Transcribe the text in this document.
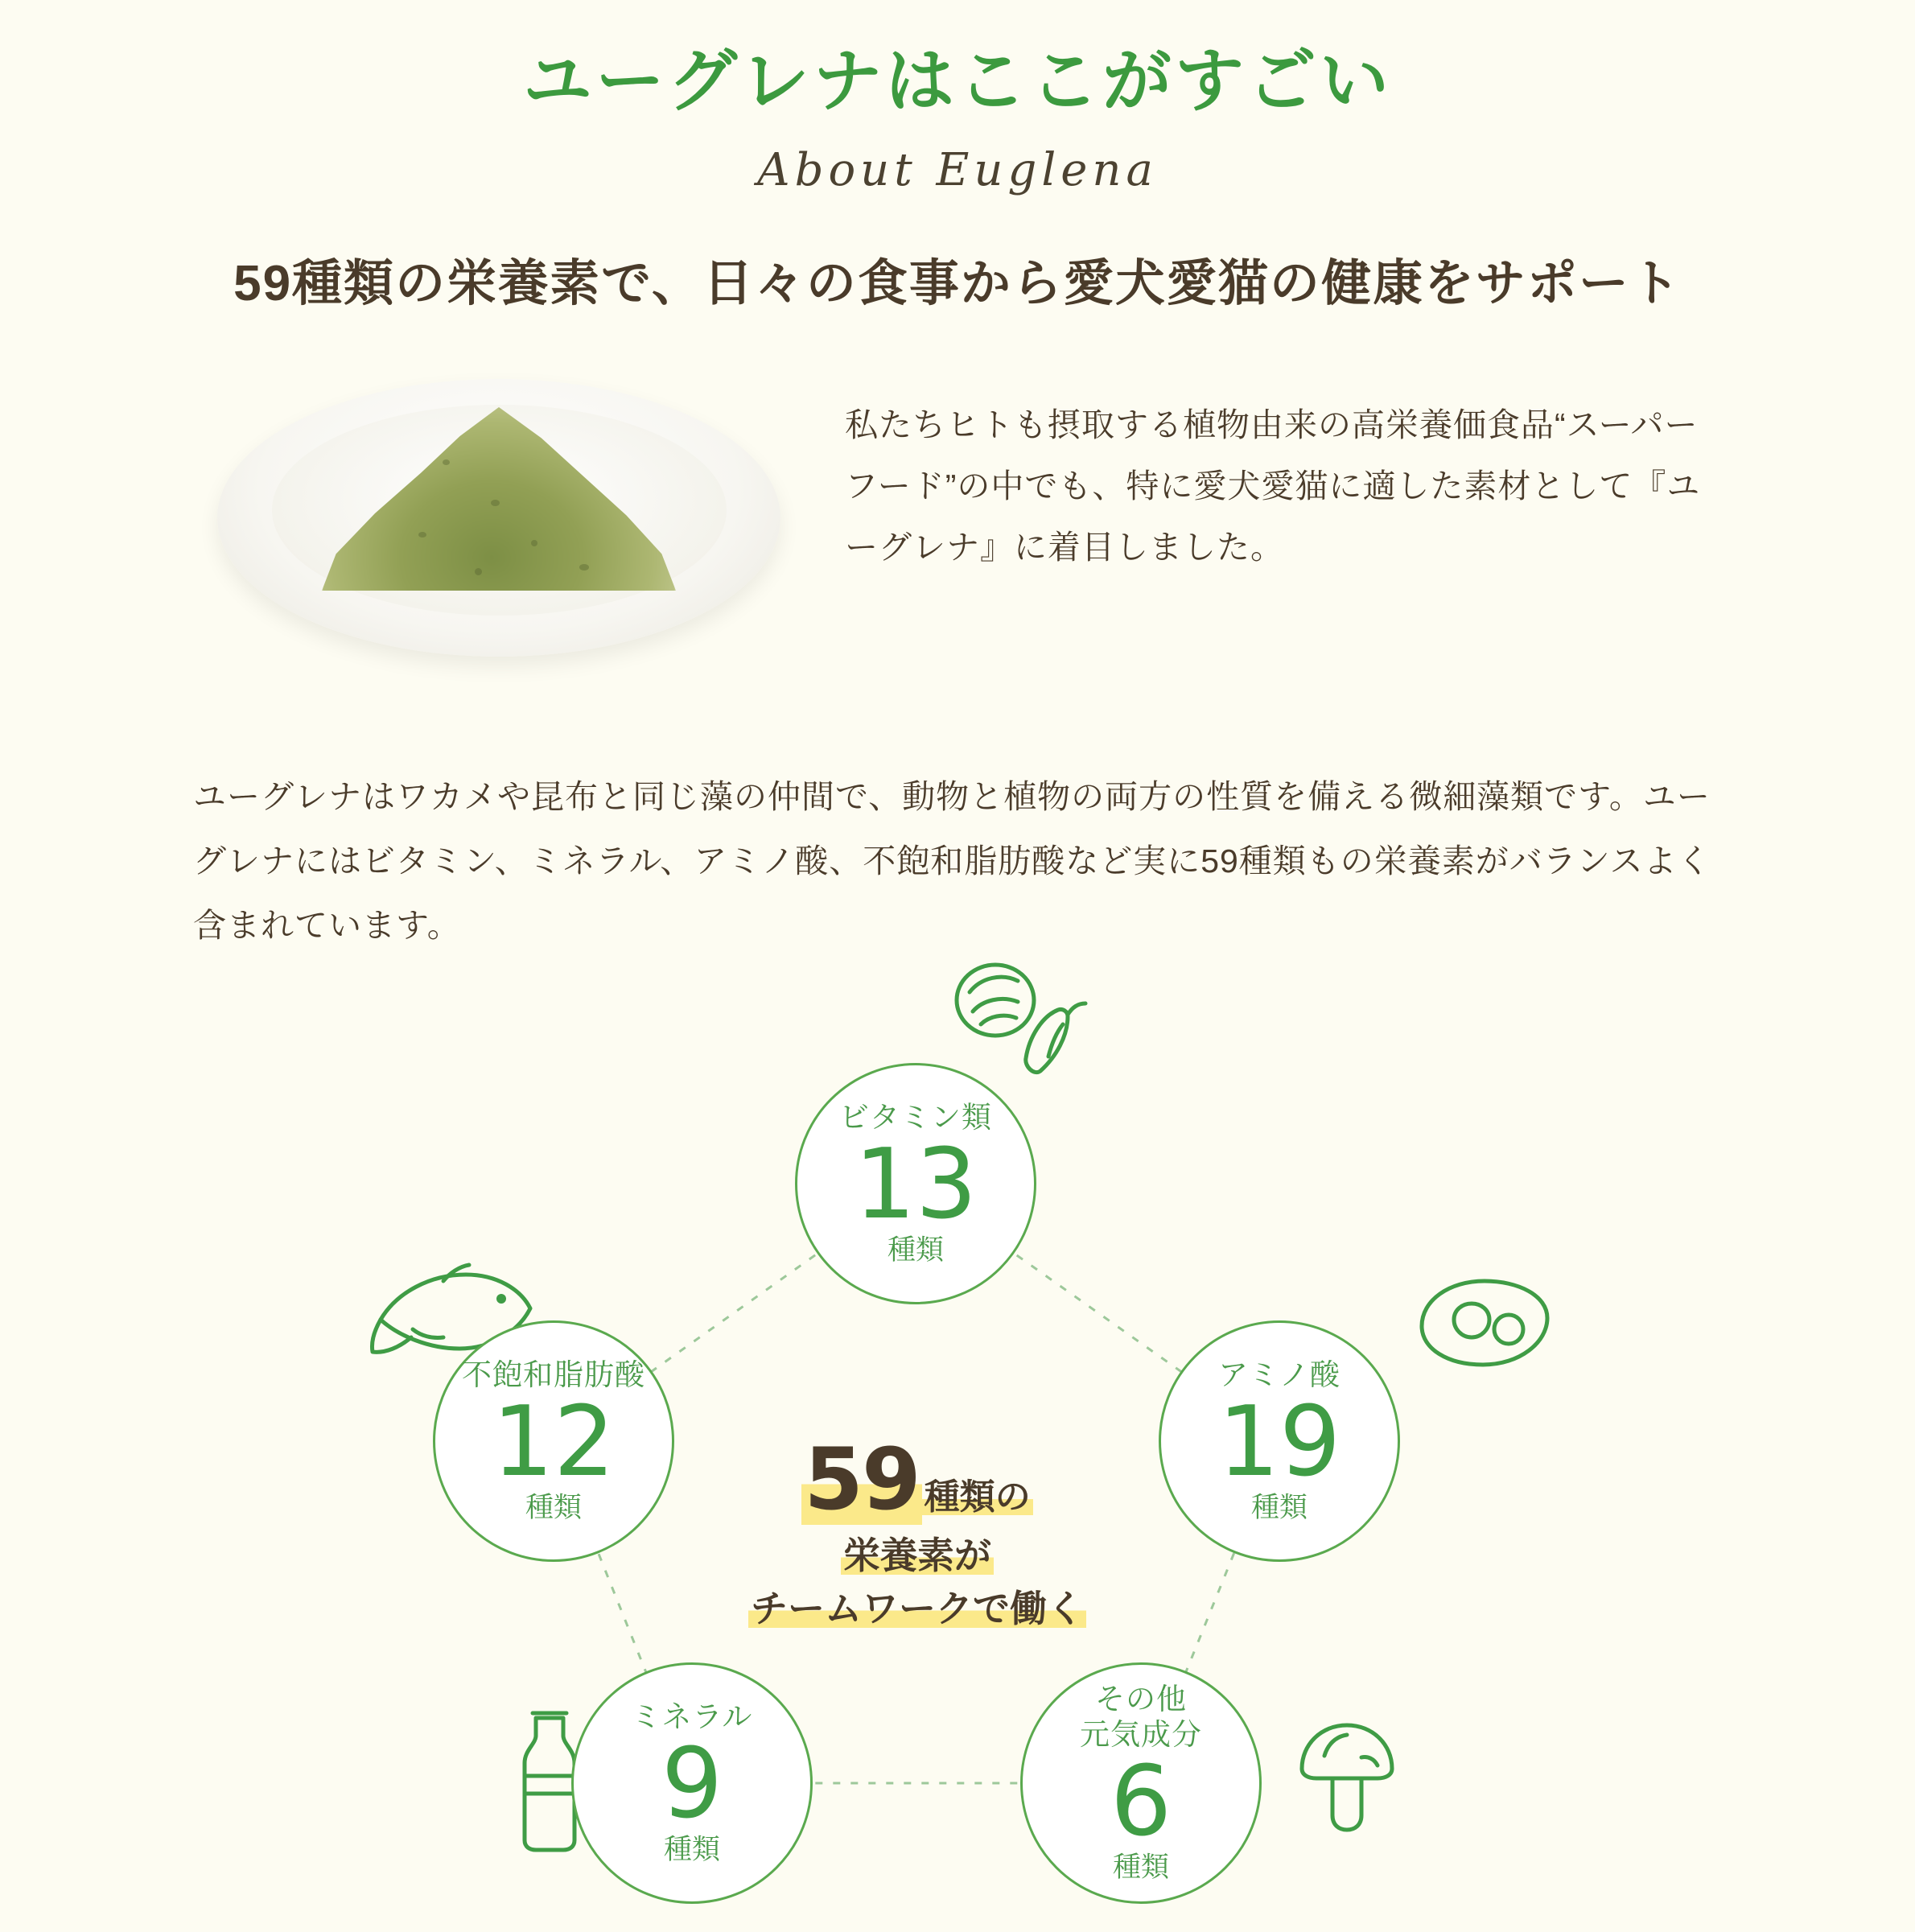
ユーグレナはここがすごい
About Euglena
59種類の栄養素で、日々の食事から愛犬愛猫の健康をサポート
私たちヒトも摂取する植物由来の高栄養価食品“スーパーフード”の中でも、特に愛犬愛猫に適した素材として『ユーグレナ』に着目しました。
ユーグレナはワカメや昆布と同じ藻の仲間で、動物と植物の両方の性質を備える微細藻類です。ユーグレナにはビタミン、ミネラル、アミノ酸、不飽和脂肪酸など実に59種類もの栄養素がバランスよく含まれています。
ビタミン類
13
種類
アミノ酸
19
種類
不飽和脂肪酸
12
種類
ミネラル
9
種類
その他
元気成分
6
種類
59 種類の
栄養素が
チームワークで働く
